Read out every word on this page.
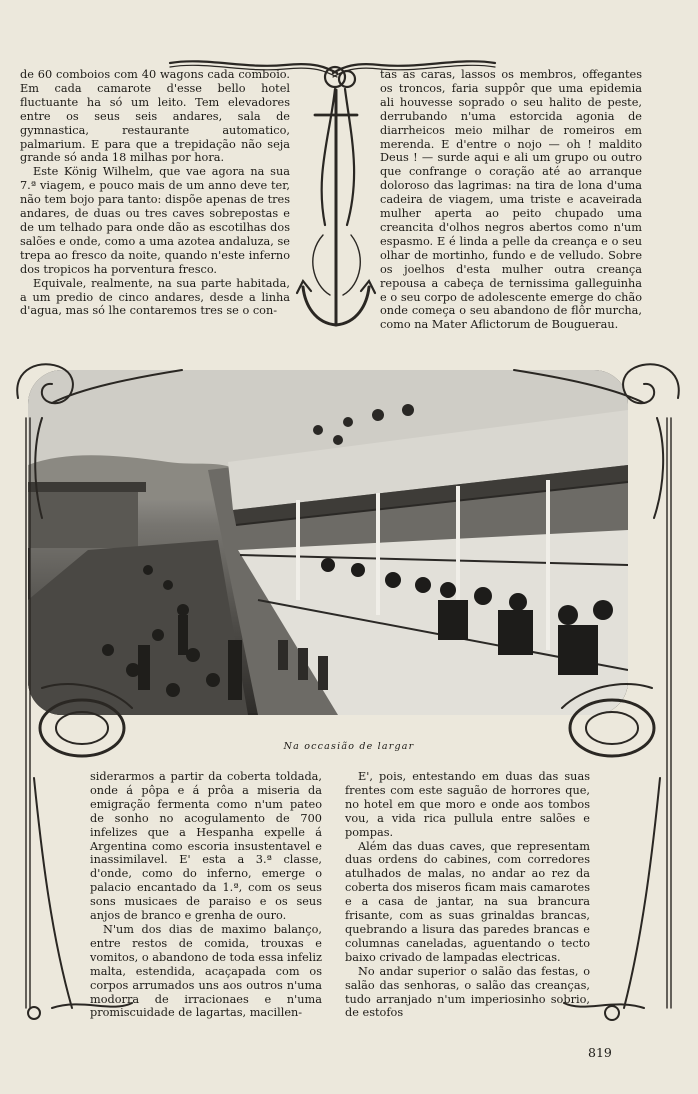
de 60 comboios com 40 wagons cada comboio. Em cada camarote d'esse bello hotel fluctuante ha só um leito. Tem elevadores entre os seus seis andares, sala de gymnastica, restaurante automatico, palmarium. E para que a trepidação não seja grande só anda 18 milhas por hora.

Este König Wilhelm, que vae agora na sua 7.ª viagem, e pouco mais de um anno deve ter, não tem bojo para tanto: dispõe apenas de tres andares, de duas ou tres caves sobrepostas e de um telhado para onde dão as escotilhas dos salões e onde, como a uma azotea andaluza, se trepa ao fresco da noite, quando n'este inferno dos tropicos ha porventura fresco.

Equivale, realmente, na sua parte habitada, a um predio de cinco andares, desde a linha d'agua, mas só lhe contaremos tres se o con-

tas as caras, lassos os membros, offegantes os troncos, faria suppôr que uma epidemia ali houvesse soprado o seu halito de peste, derrubando n'uma estorcida agonia de diarrheicos meio milhar de romeiros em merenda. E d'entre o nojo — oh ! maldito Deus ! — surde aqui e ali um grupo ou outro que confrange o coração até ao arranque doloroso das lagrimas: na tira de lona d'uma cadeira de viagem, uma triste e acaveirada mulher aperta ao peito chupado uma creancita d'olhos negros abertos como n'um espasmo. E é linda a pelle da creança e o seu olhar de mortinho, fundo e de velludo. Sobre os joelhos d'esta mulher outra creança repousa a cabeça de ternissima galleguinha e o seu corpo de adolescente emerge do chão onde começa o seu abandono de flôr murcha, como na Mater Aflictorum de Bouguerau.

Na occasião de largar

siderarmos a partir da coberta toldada, onde á pôpa e á prôa a miseria da emigração fermenta como n'um pateo de sonho no acogulamento de 700 infelizes que a Hespanha expelle á Argentina como escoria insustentavel e inassimilavel. E' esta a 3.ª classe, d'onde, como do inferno, emerge o palacio encantado da 1.ª, com os seus sons musicaes de paraiso e os seus anjos de branco e grenha de ouro.

N'um dos dias de maximo balanço, entre restos de comida, trouxas e vomitos, o abandono de toda essa infeliz malta, estendida, acaçapada com os corpos arrumados uns aos outros n'uma modorra de irracionaes e n'uma promiscuidade de lagartas, macillen-

E', pois, entestando em duas das suas frentes com este saguão de horrores que, no hotel em que moro e onde aos tombos vou, a vida rica pullula entre salões e pompas.

Além das duas caves, que representam duas ordens do cabines, com corredores atulhados de malas, no andar ao rez da coberta dos miseros ficam mais camarotes e a casa de jantar, na sua brancura frisante, com as suas grinaldas brancas, quebrando a lisura das paredes brancas e columnas caneladas, aguentando o tecto baixo crivado de lampadas electricas.

No andar superior o salão das festas, o salão das senhoras, o salão das creanças, tudo arranjado n'um imperiosinho sobrio, de estofos

819
